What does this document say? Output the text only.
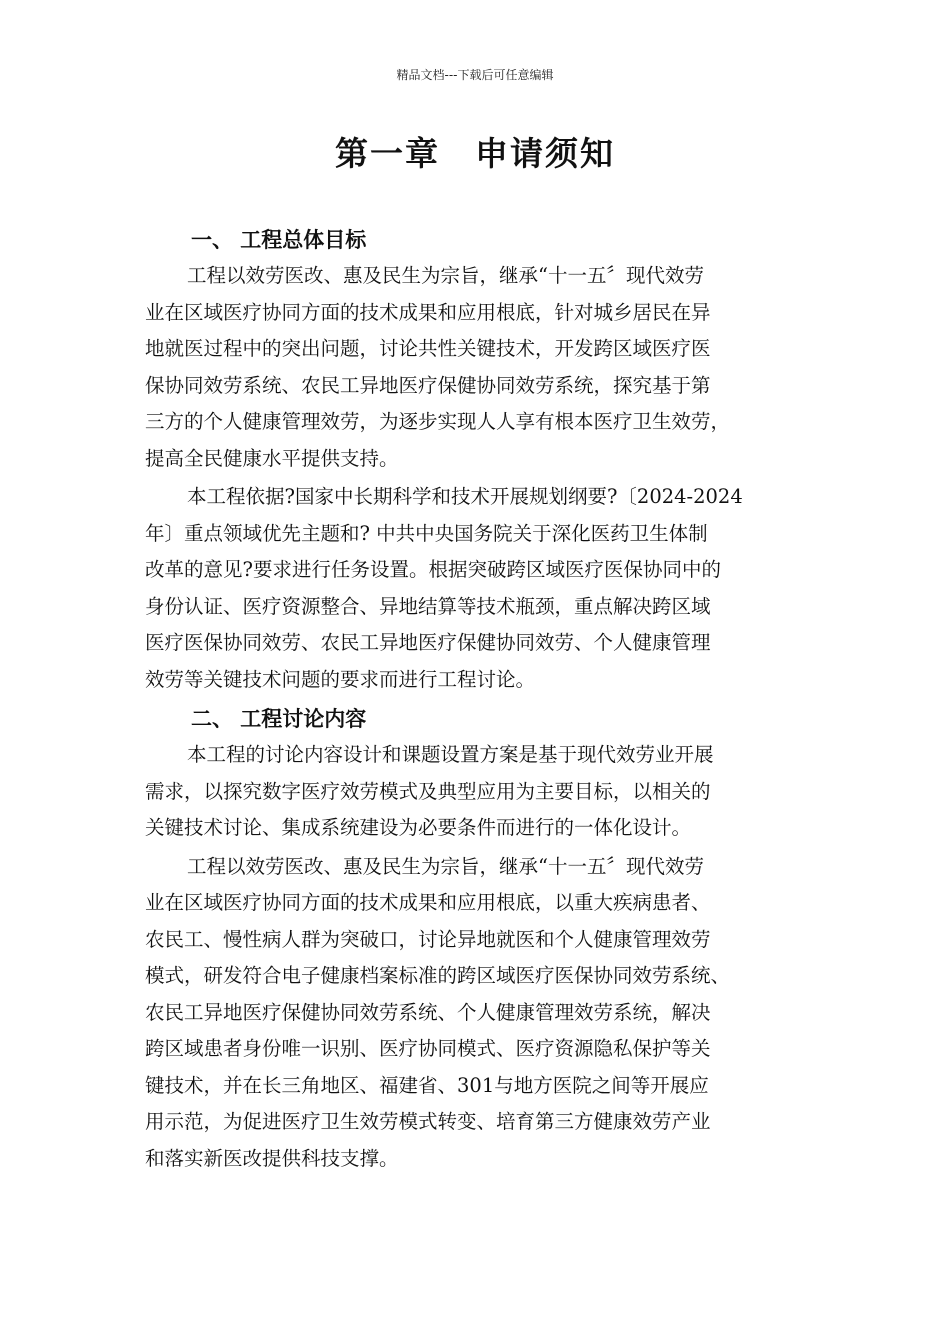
精品文档---下载后可任意编辑
第一章　申请须知
一、 工程总体目标
工程以效劳医改、惠及民生为宗旨，继承“十一五〞现代效劳
业在区域医疗协同方面的技术成果和应用根底，针对城乡居民在异
地就医过程中的突出问题，讨论共性关键技术，开发跨区域医疗医
保协同效劳系统、农民工异地医疗保健协同效劳系统，探究基于第
三方的个人健康管理效劳，为逐步实现人人享有根本医疗卫生效劳，
提高全民健康水平提供支持。
本工程依据?国家中长期科学和技术开展规划纲要?〔2024-2024
年〕重点领域优先主题和? 中共中央国务院关于深化医药卫生体制
改革的意见?要求进行任务设置。根据突破跨区域医疗医保协同中的
身份认证、医疗资源整合、异地结算等技术瓶颈，重点解决跨区域
医疗医保协同效劳、农民工异地医疗保健协同效劳、个人健康管理
效劳等关键技术问题的要求而进行工程讨论。
二、 工程讨论内容
本工程的讨论内容设计和课题设置方案是基于现代效劳业开展
需求，以探究数字医疗效劳模式及典型应用为主要目标，以相关的
关键技术讨论、集成系统建设为必要条件而进行的一体化设计。
工程以效劳医改、惠及民生为宗旨，继承“十一五〞现代效劳
业在区域医疗协同方面的技术成果和应用根底，以重大疾病患者、
农民工、慢性病人群为突破口，讨论异地就医和个人健康管理效劳
模式，研发符合电子健康档案标准的跨区域医疗医保协同效劳系统、
农民工异地医疗保健协同效劳系统、个人健康管理效劳系统，解决
跨区域患者身份唯一识别、医疗协同模式、医疗资源隐私保护等关
键技术，并在长三角地区、福建省、301与地方医院之间等开展应
用示范，为促进医疗卫生效劳模式转变、培育第三方健康效劳产业
和落实新医改提供科技支撑。
